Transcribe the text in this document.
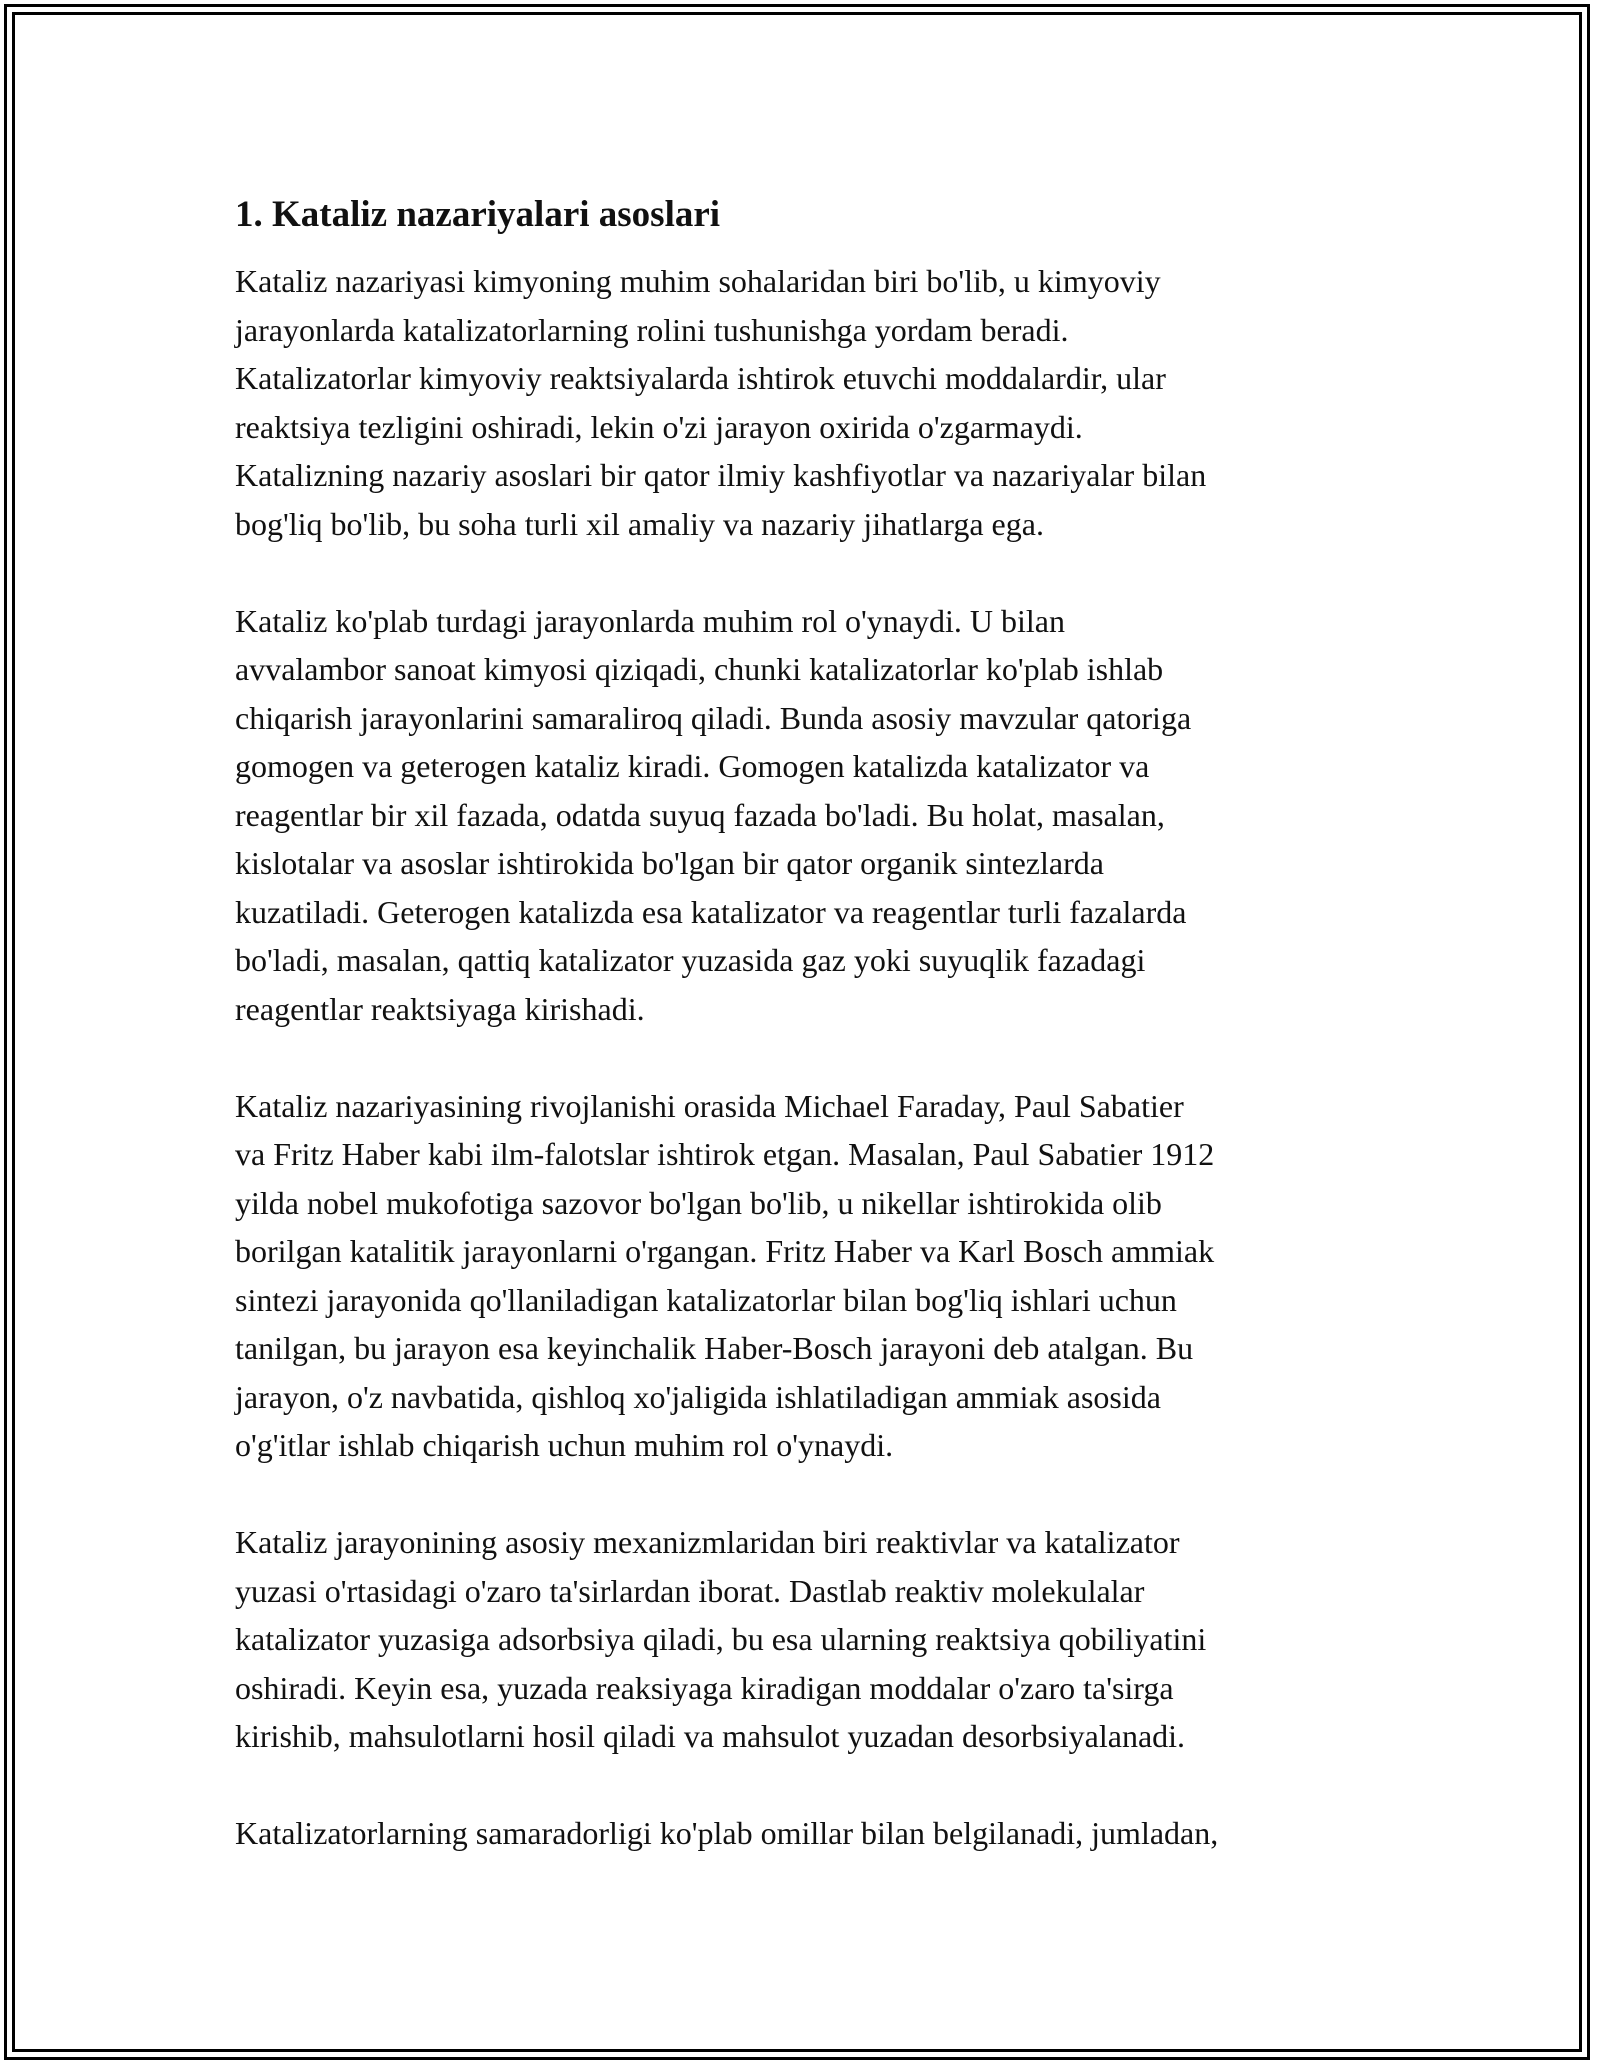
1. Kataliz nazariyalari asoslari

Kataliz nazariyasi kimyoning muhim sohalaridan biri bo'lib, u kimyoviy
jarayonlarda katalizatorlarning rolini tushunishga yordam beradi.
Katalizatorlar kimyoviy reaktsiyalarda ishtirok etuvchi moddalardir, ular
reaktsiya tezligini oshiradi, lekin o'zi jarayon oxirida o'zgarmaydi.
Katalizning nazariy asoslari bir qator ilmiy kashfiyotlar va nazariyalar bilan
bog'liq bo'lib, bu soha turli xil amaliy va nazariy jihatlarga ega.

Kataliz ko'plab turdagi jarayonlarda muhim rol o'ynaydi. U bilan
avvalambor sanoat kimyosi qiziqadi, chunki katalizatorlar ko'plab ishlab
chiqarish jarayonlarini samaraliroq qiladi. Bunda asosiy mavzular qatoriga
gomogen va geterogen kataliz kiradi. Gomogen katalizda katalizator va
reagentlar bir xil fazada, odatda suyuq fazada bo'ladi. Bu holat, masalan,
kislotalar va asoslar ishtirokida bo'lgan bir qator organik sintezlarda
kuzatiladi. Geterogen katalizda esa katalizator va reagentlar turli fazalarda
bo'ladi, masalan, qattiq katalizator yuzasida gaz yoki suyuqlik fazadagi
reagentlar reaktsiyaga kirishadi.

Kataliz nazariyasining rivojlanishi orasida Michael Faraday, Paul Sabatier
va Fritz Haber kabi ilm-falotslar ishtirok etgan. Masalan, Paul Sabatier 1912
yilda nobel mukofotiga sazovor bo'lgan bo'lib, u nikellar ishtirokida olib
borilgan katalitik jarayonlarni o'rgangan. Fritz Haber va Karl Bosch ammiak
sintezi jarayonida qo'llaniladigan katalizatorlar bilan bog'liq ishlari uchun
tanilgan, bu jarayon esa keyinchalik Haber-Bosch jarayoni deb atalgan. Bu
jarayon, o'z navbatida, qishloq xo'jaligida ishlatiladigan ammiak asosida
o'g'itlar ishlab chiqarish uchun muhim rol o'ynaydi.

Kataliz jarayonining asosiy mexanizmlaridan biri reaktivlar va katalizator
yuzasi o'rtasidagi o'zaro ta'sirlardan iborat. Dastlab reaktiv molekulalar
katalizator yuzasiga adsorbsiya qiladi, bu esa ularning reaktsiya qobiliyatini
oshiradi. Keyin esa, yuzada reaksiyaga kiradigan moddalar o'zaro ta'sirga
kirishib, mahsulotlarni hosil qiladi va mahsulot yuzadan desorbsiyalanadi.

Katalizatorlarning samaradorligi ko'plab omillar bilan belgilanadi, jumladan,
